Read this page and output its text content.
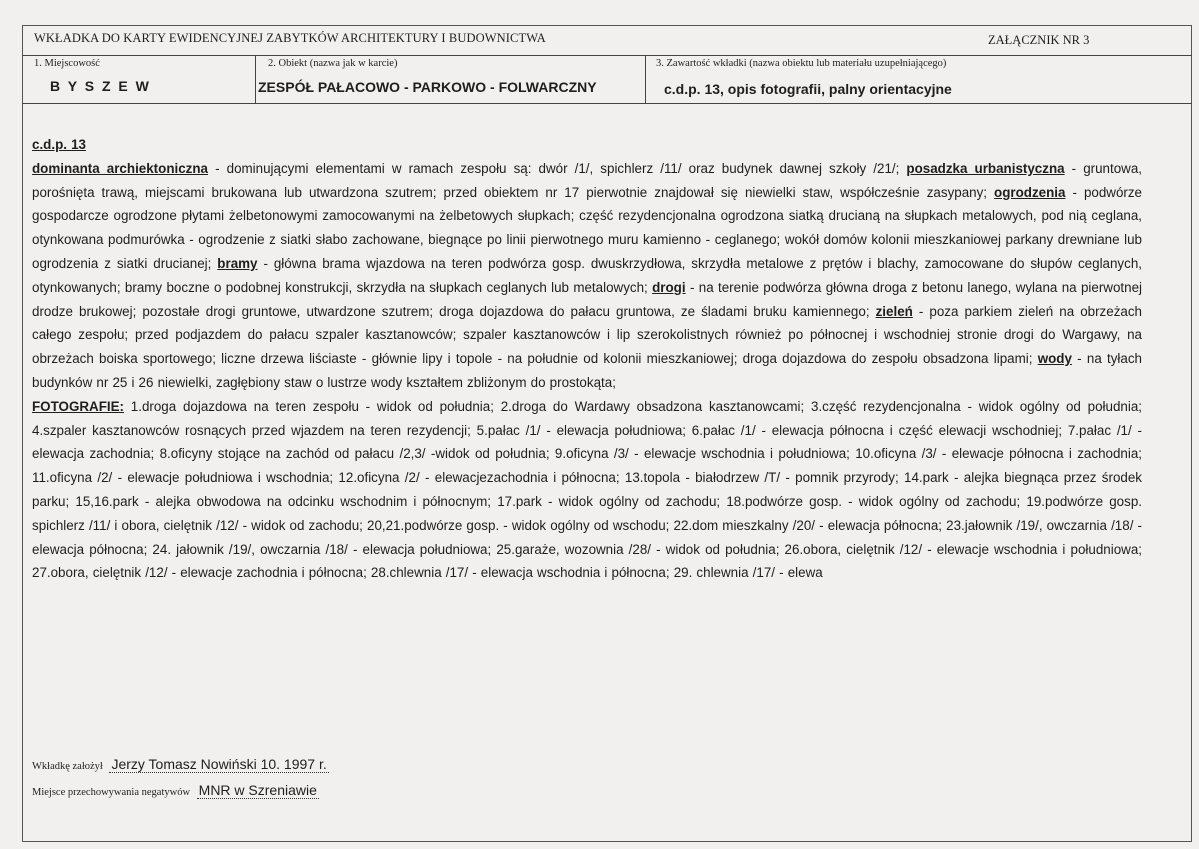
WKŁADKA DO KARTY EWIDENCYJNEJ ZABYTKÓW ARCHITEKTURY I BUDOWNICTWA	ZAŁĄCZNIK NR 3
1. Miejscowość
B Y S Z E W
2. Obiekt (nazwa jak w karcie)
ZESPÓŁ PAŁACOWO - PARKOWO - FOLWARCZNY
3. Zawartość wkładki (nazwa obiektu lub materiału uzupełniającego)
c.d.p. 13, opis fotografii, palny orientacyjne

c.d.p. 13

dominanta archiektoniczna - dominującymi elementami w ramach zespołu są: dwór /1/, spichlerz /11/ oraz budynek dawnej szkoły /21/; posadzka urbanistyczna - gruntowa, porośnięta trawą, miejscami brukowana lub utwardzona szutrem; przed obiektem nr 17 pierwotnie znajdował się niewielki staw, współcześnie zasypany; ogrodzenia - podwórze gospodarcze ogrodzone płytami żelbetonowymi zamocowanymi na żelbetowych słupkach; część rezydencjonalna ogrodzona siatką drucianą na słupkach metalowych, pod nią ceglana, otynkowana podmurówka - ogrodzenie z siatki słabo zachowane, biegnące po linii pierwotnego muru kamienno - ceglanego; wokół domów kolonii mieszkaniowej parkany drewniane lub ogrodzenia z siatki drucianej; bramy - główna brama wjazdowa na teren podwórza gosp. dwuskrzydłowa, skrzydła metalowe z prętów i blachy, zamocowane do słupów ceglanych, otynkowanych; bramy boczne o podobnej konstrukcji, skrzydła na słupkach ceglanych lub metalowych; drogi - na terenie podwórza główna droga z betonu lanego, wylana na pierwotnej drodze brukowej; pozostałe drogi gruntowe, utwardzone szutrem; droga dojazdowa do pałacu gruntowa, ze śladami bruku kamiennego; zieleń - poza parkiem zieleń na obrzeżach całego zespołu; przed podjazdem do pałacu szpaler kasztanowców; szpaler kasztanowców i lip szerokolistnych również po północnej i wschodniej stronie drogi do Wargawy, na obrzeżach boiska sportowego; liczne drzewa liściaste - głównie lipy i topole - na południe od kolonii mieszkaniowej; droga dojazdowa do zespołu obsadzona lipami; wody - na tyłach budynków nr 25 i 26 niewielki, zagłębiony staw o lustrze wody kształtem zbliżonym do prostokąta;

FOTOGRAFIE: 1.droga dojazdowa na teren zespołu - widok od południa; 2.droga do Wardawy obsadzona kasztanowcami; 3.część rezydencjonalna - widok ogólny od południa; 4.szpaler kasztanowców rosnących przed wjazdem na teren rezydencji; 5.pałac /1/ - elewacja południowa; 6.pałac /1/ - elewacja północna i część elewacji wschodniej; 7.pałac /1/ - elewacja zachodnia; 8.oficyny stojące na zachód od pałacu /2,3/ -widok od południa; 9.oficyna /3/ - elewacje wschodnia i południowa; 10.oficyna /3/ - elewacje północna i zachodnia; 11.oficyna /2/ - elewacje południowa i wschodnia; 12.oficyna /2/ - elewacjezachodnia i północna; 13.topola - białodrzew /T/ - pomnik przyrody; 14.park - alejka biegnąca przez środek parku; 15,16.park - alejka obwodowa na odcinku wschodnim i północnym; 17.park - widok ogólny od zachodu; 18.podwórze gosp. - widok ogólny od zachodu; 19.podwórze gosp. spichlerz /11/ i obora, cielętnik /12/ - widok od zachodu; 20,21.podwórze gosp. - widok ogólny od wschodu; 22.dom mieszkalny /20/ - elewacja północna; 23.jałownik /19/, owczarnia /18/ - elewacja północna; 24. jałownik /19/, owczarnia /18/ - elewacja południowa; 25.garaże, wozownia /28/ - widok od południa; 26.obora, cielętnik /12/ - elewacje wschodnia i południowa; 27.obora, cielętnik /12/ - elewacje zachodnia i północna; 28.chlewnia /17/ - elewacja wschodnia i północna; 29. chlewnia /17/ - elewa

Wkładkę założył Jerzy Tomasz Nowiński 10. 1997 r.
Miejsce przechowywania negatywów MNR w Szreniawie
